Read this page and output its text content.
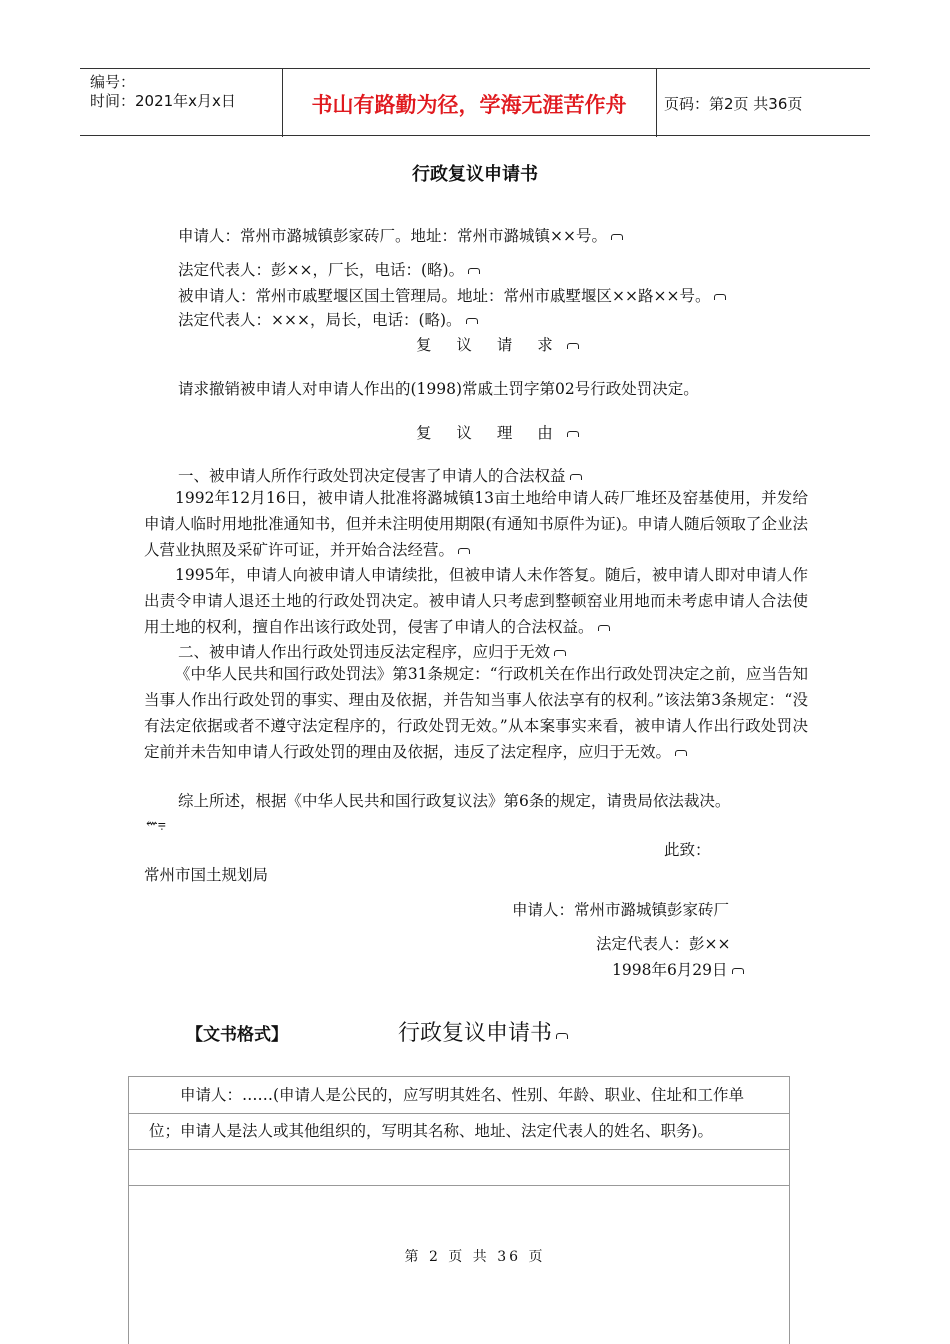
编号：
时间：2021年x月x日	书山有路勤为径，学海无涯苦作舟	页码：第2页 共36页
行政复议申请书
申请人：常州市潞城镇彭家砖厂。地址：常州市潞城镇××号。
法定代表人：彭××，厂长，电话：(略)。
被申请人：常州市戚墅堰区国土管理局。地址：常州市戚墅堰区××路××号。
法定代表人：×××，局长，电话：(略)。
复 议 请 求
请求撤销被申请人对申请人作出的(1998)常戚土罚字第02号行政处罚决定。
复 议 理 由
一、被申请人所作行政处罚决定侵害了申请人的合法权益
1992年12月16日，被申请人批准将潞城镇13亩土地给申请人砖厂堆坯及窑基使用，并发给申请人临时用地批准通知书，但并未注明使用期限(有通知书原件为证)。申请人随后领取了企业法人营业执照及采矿许可证，并开始合法经营。
1995年，申请人向被申请人申请续批，但被申请人未作答复。随后，被申请人即对申请人作出责令申请人退还土地的行政处罚决定。被申请人只考虑到整顿窑业用地而未考虑申请人合法使用土地的权利，擅自作出该行政处罚，侵害了申请人的合法权益。
二、被申请人作出行政处罚违反法定程序，应归于无效
《中华人民共和国行政处罚法》第31条规定：“行政机关在作出行政处罚决定之前，应当告知当事人作出行政处罚的事实、理由及依据，并告知当事人依法享有的权利。”该法第3条规定：“没有法定依据或者不遵守法定程序的，行政处罚无效。”从本案事实来看，被申请人作出行政处罚决定前并未告知申请人行政处罚的理由及依据，违反了法定程序，应归于无效。
综上所述，根据《中华人民共和国行政复议法》第6条的规定，请贵局依法裁决。
⇜⩦
此致：
常州市国土规划局
申请人：常州市潞城镇彭家砖厂
法定代表人：彭××
1998年6月29日
【文书格式】	行政复议申请书
申请人：……(申请人是公民的，应写明其姓名、性别、年龄、职业、住址和工作单位；申请人是法人或其他组织的，写明其名称、地址、法定代表人的姓名、职务)。
第 2 页 共 36 页
